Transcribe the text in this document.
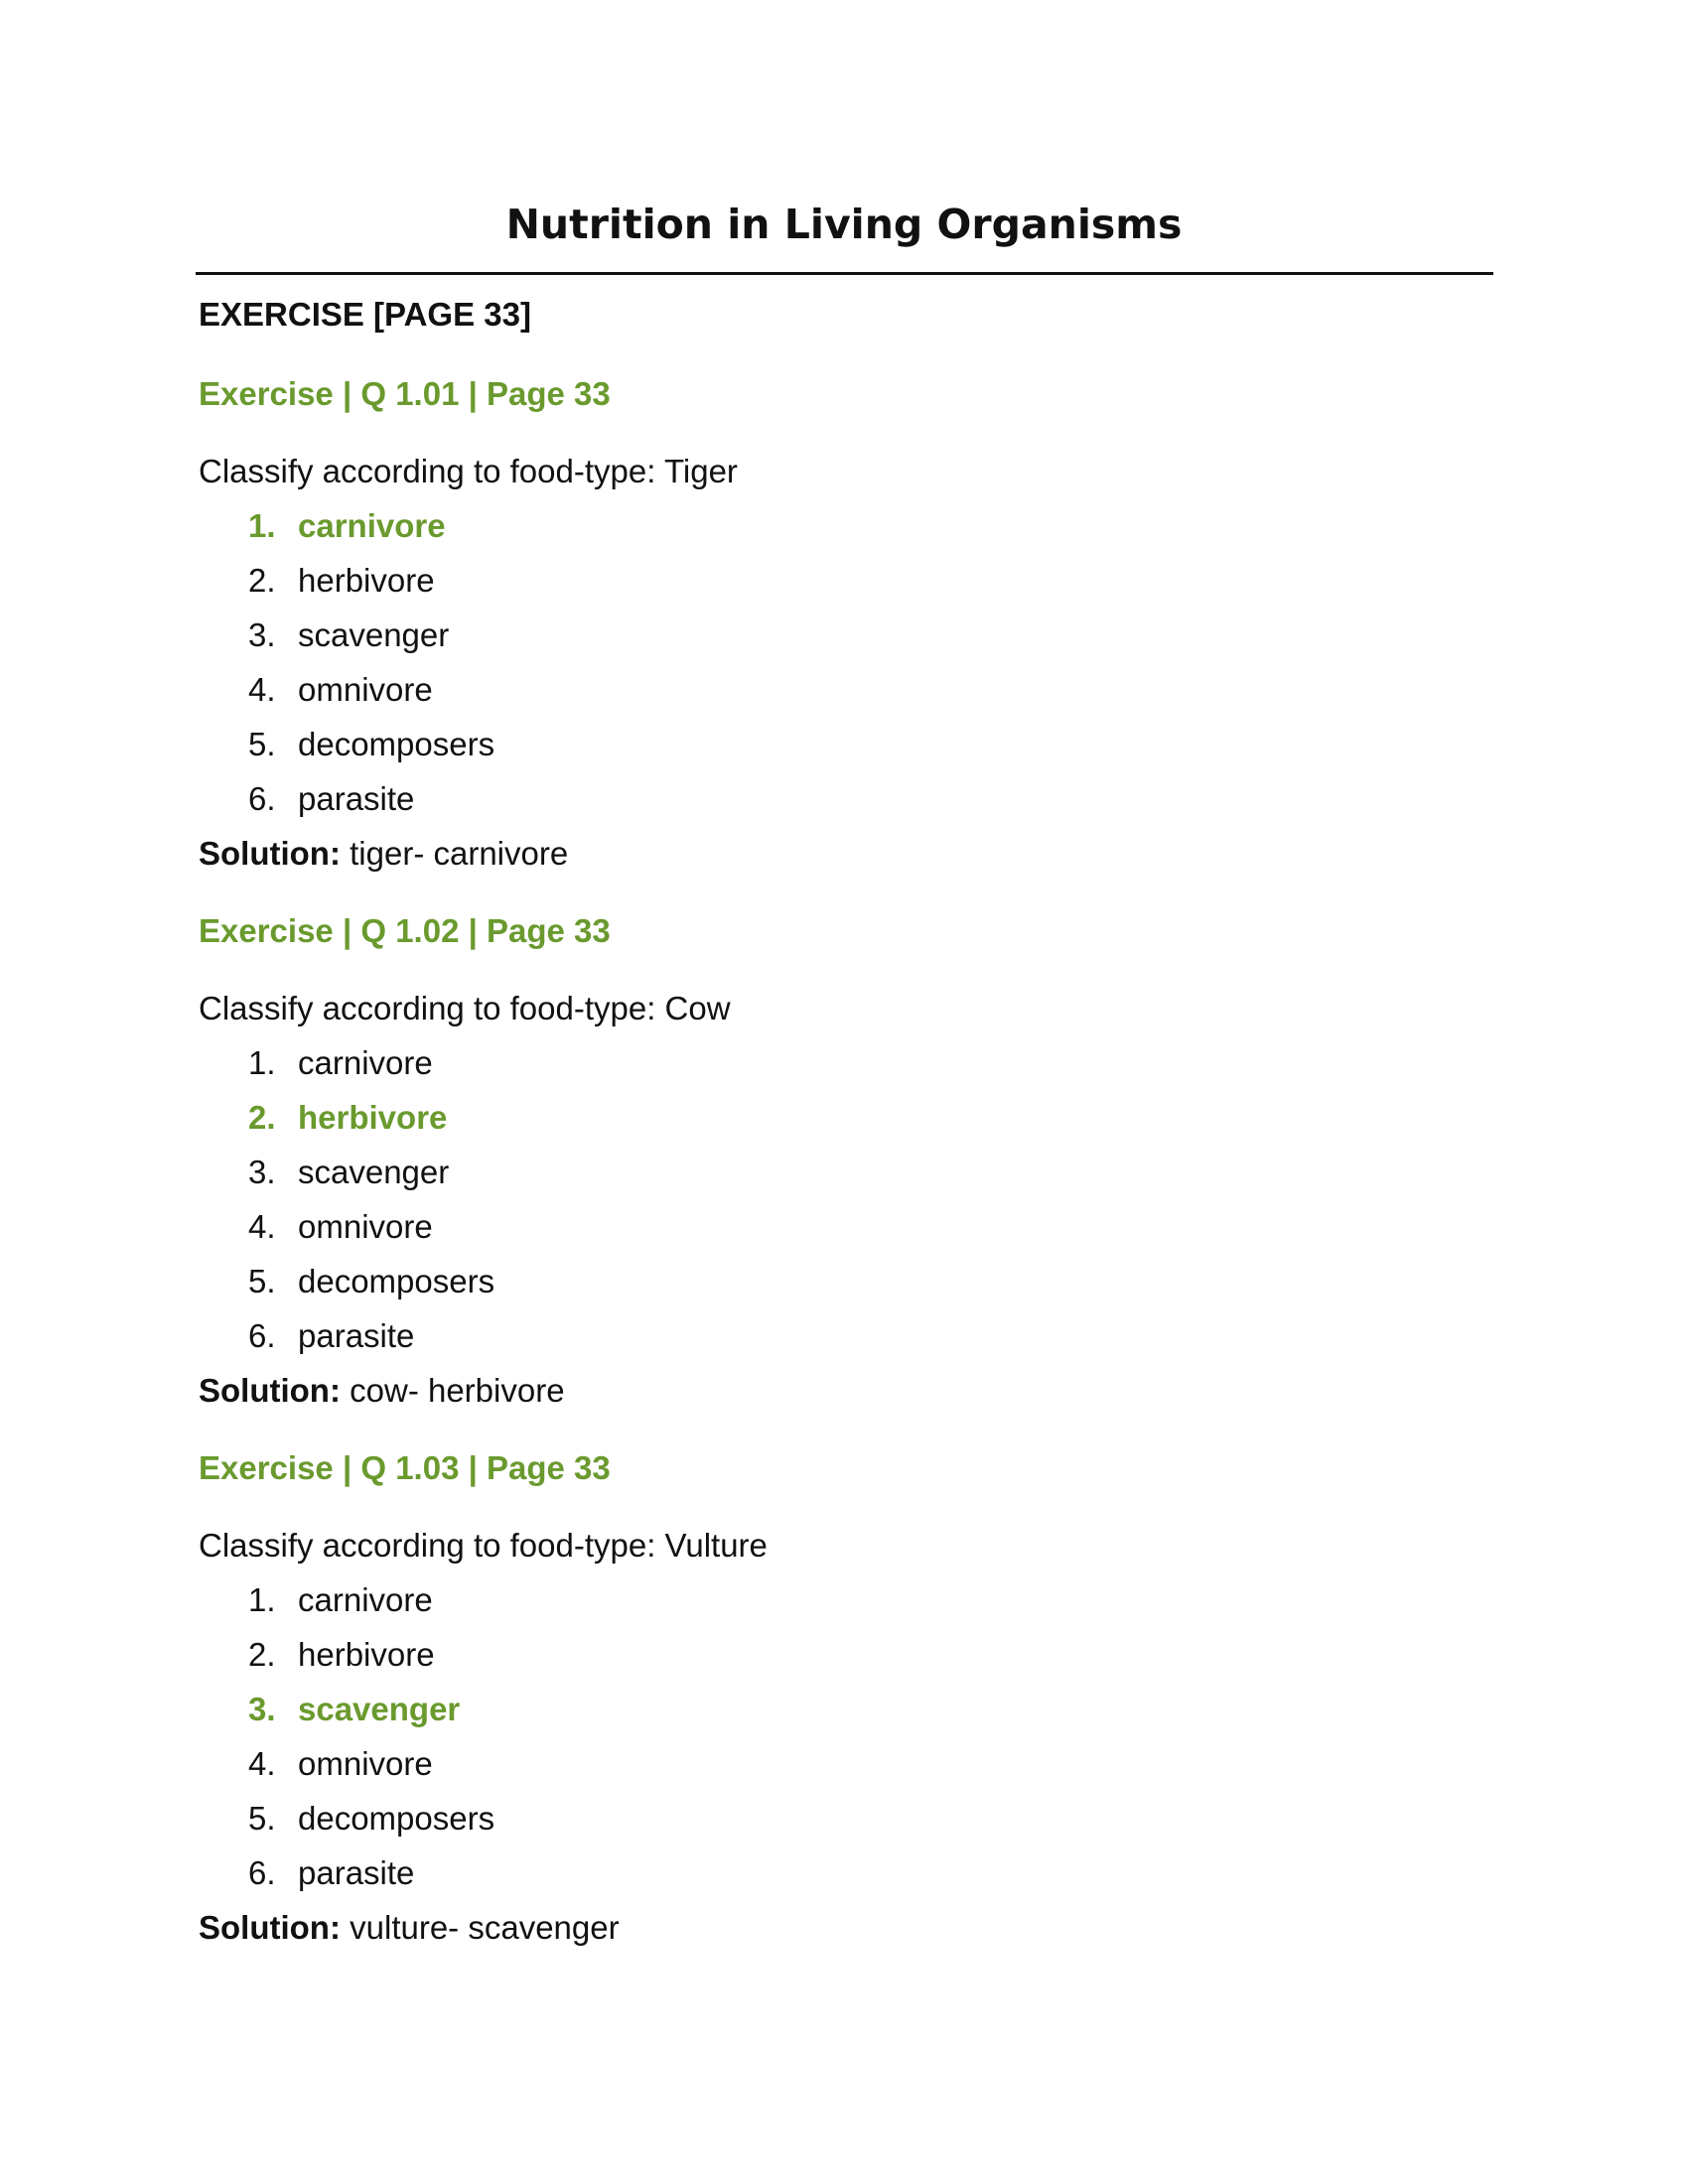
Nutrition in Living Organisms
EXERCISE [PAGE 33]
Exercise | Q 1.01 | Page 33
Classify according to food-type: Tiger
1. carnivore
2. herbivore
3. scavenger
4. omnivore
5. decomposers
6. parasite
Solution: tiger- carnivore
Exercise | Q 1.02 | Page 33
Classify according to food-type: Cow
1. carnivore
2. herbivore
3. scavenger
4. omnivore
5. decomposers
6. parasite
Solution: cow- herbivore
Exercise | Q 1.03 | Page 33
Classify according to food-type: Vulture
1. carnivore
2. herbivore
3. scavenger
4. omnivore
5. decomposers
6. parasite
Solution: vulture- scavenger
